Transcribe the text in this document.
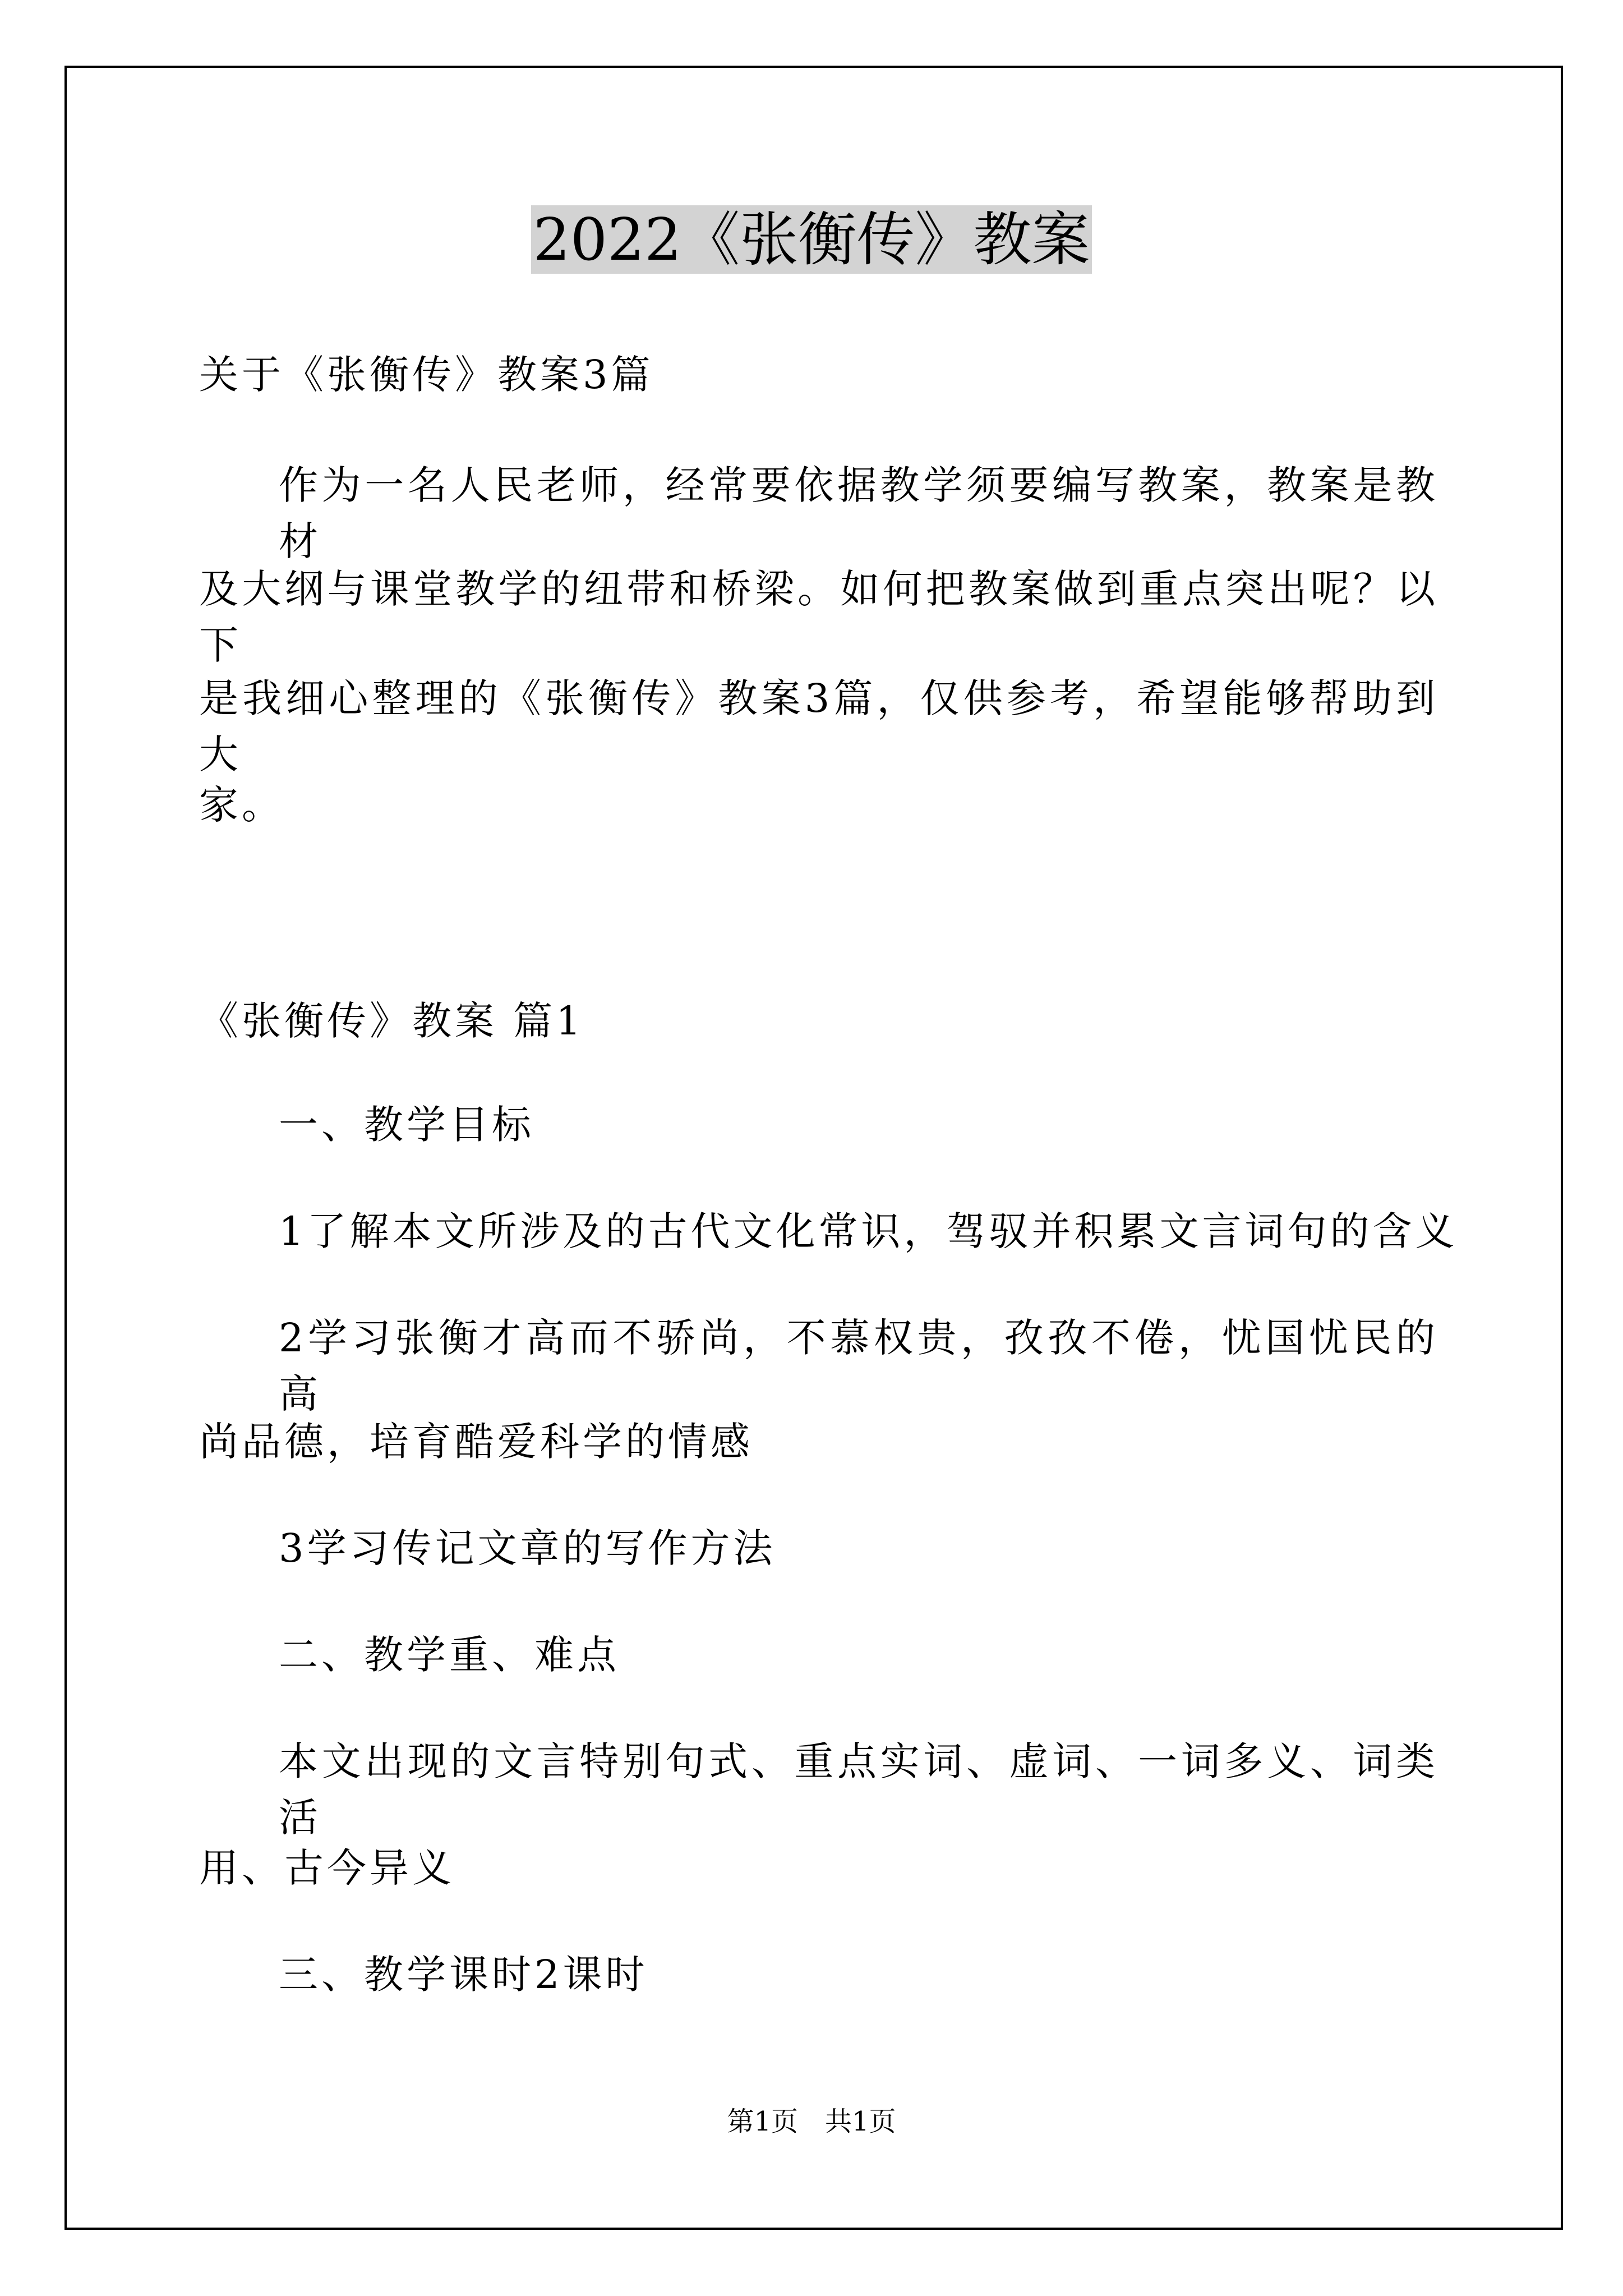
2022《张衡传》教案
关于《张衡传》教案3篇
作为一名人民老师，经常要依据教学须要编写教案，教案是教材
及大纲与课堂教学的纽带和桥梁。如何把教案做到重点突出呢？以下
是我细心整理的《张衡传》教案3篇，仅供参考，希望能够帮助到大
家。
《张衡传》教案 篇1
一、教学目标
1了解本文所涉及的古代文化常识，驾驭并积累文言词句的含义
2学习张衡才高而不骄尚，不慕权贵，孜孜不倦，忧国忧民的高
尚品德，培育酷爱科学的情感
3学习传记文章的写作方法
二、教学重、难点
本文出现的文言特别句式、重点实词、虚词、一词多义、词类活
用、古今异义
三、教学课时2课时
第1页　共1页
